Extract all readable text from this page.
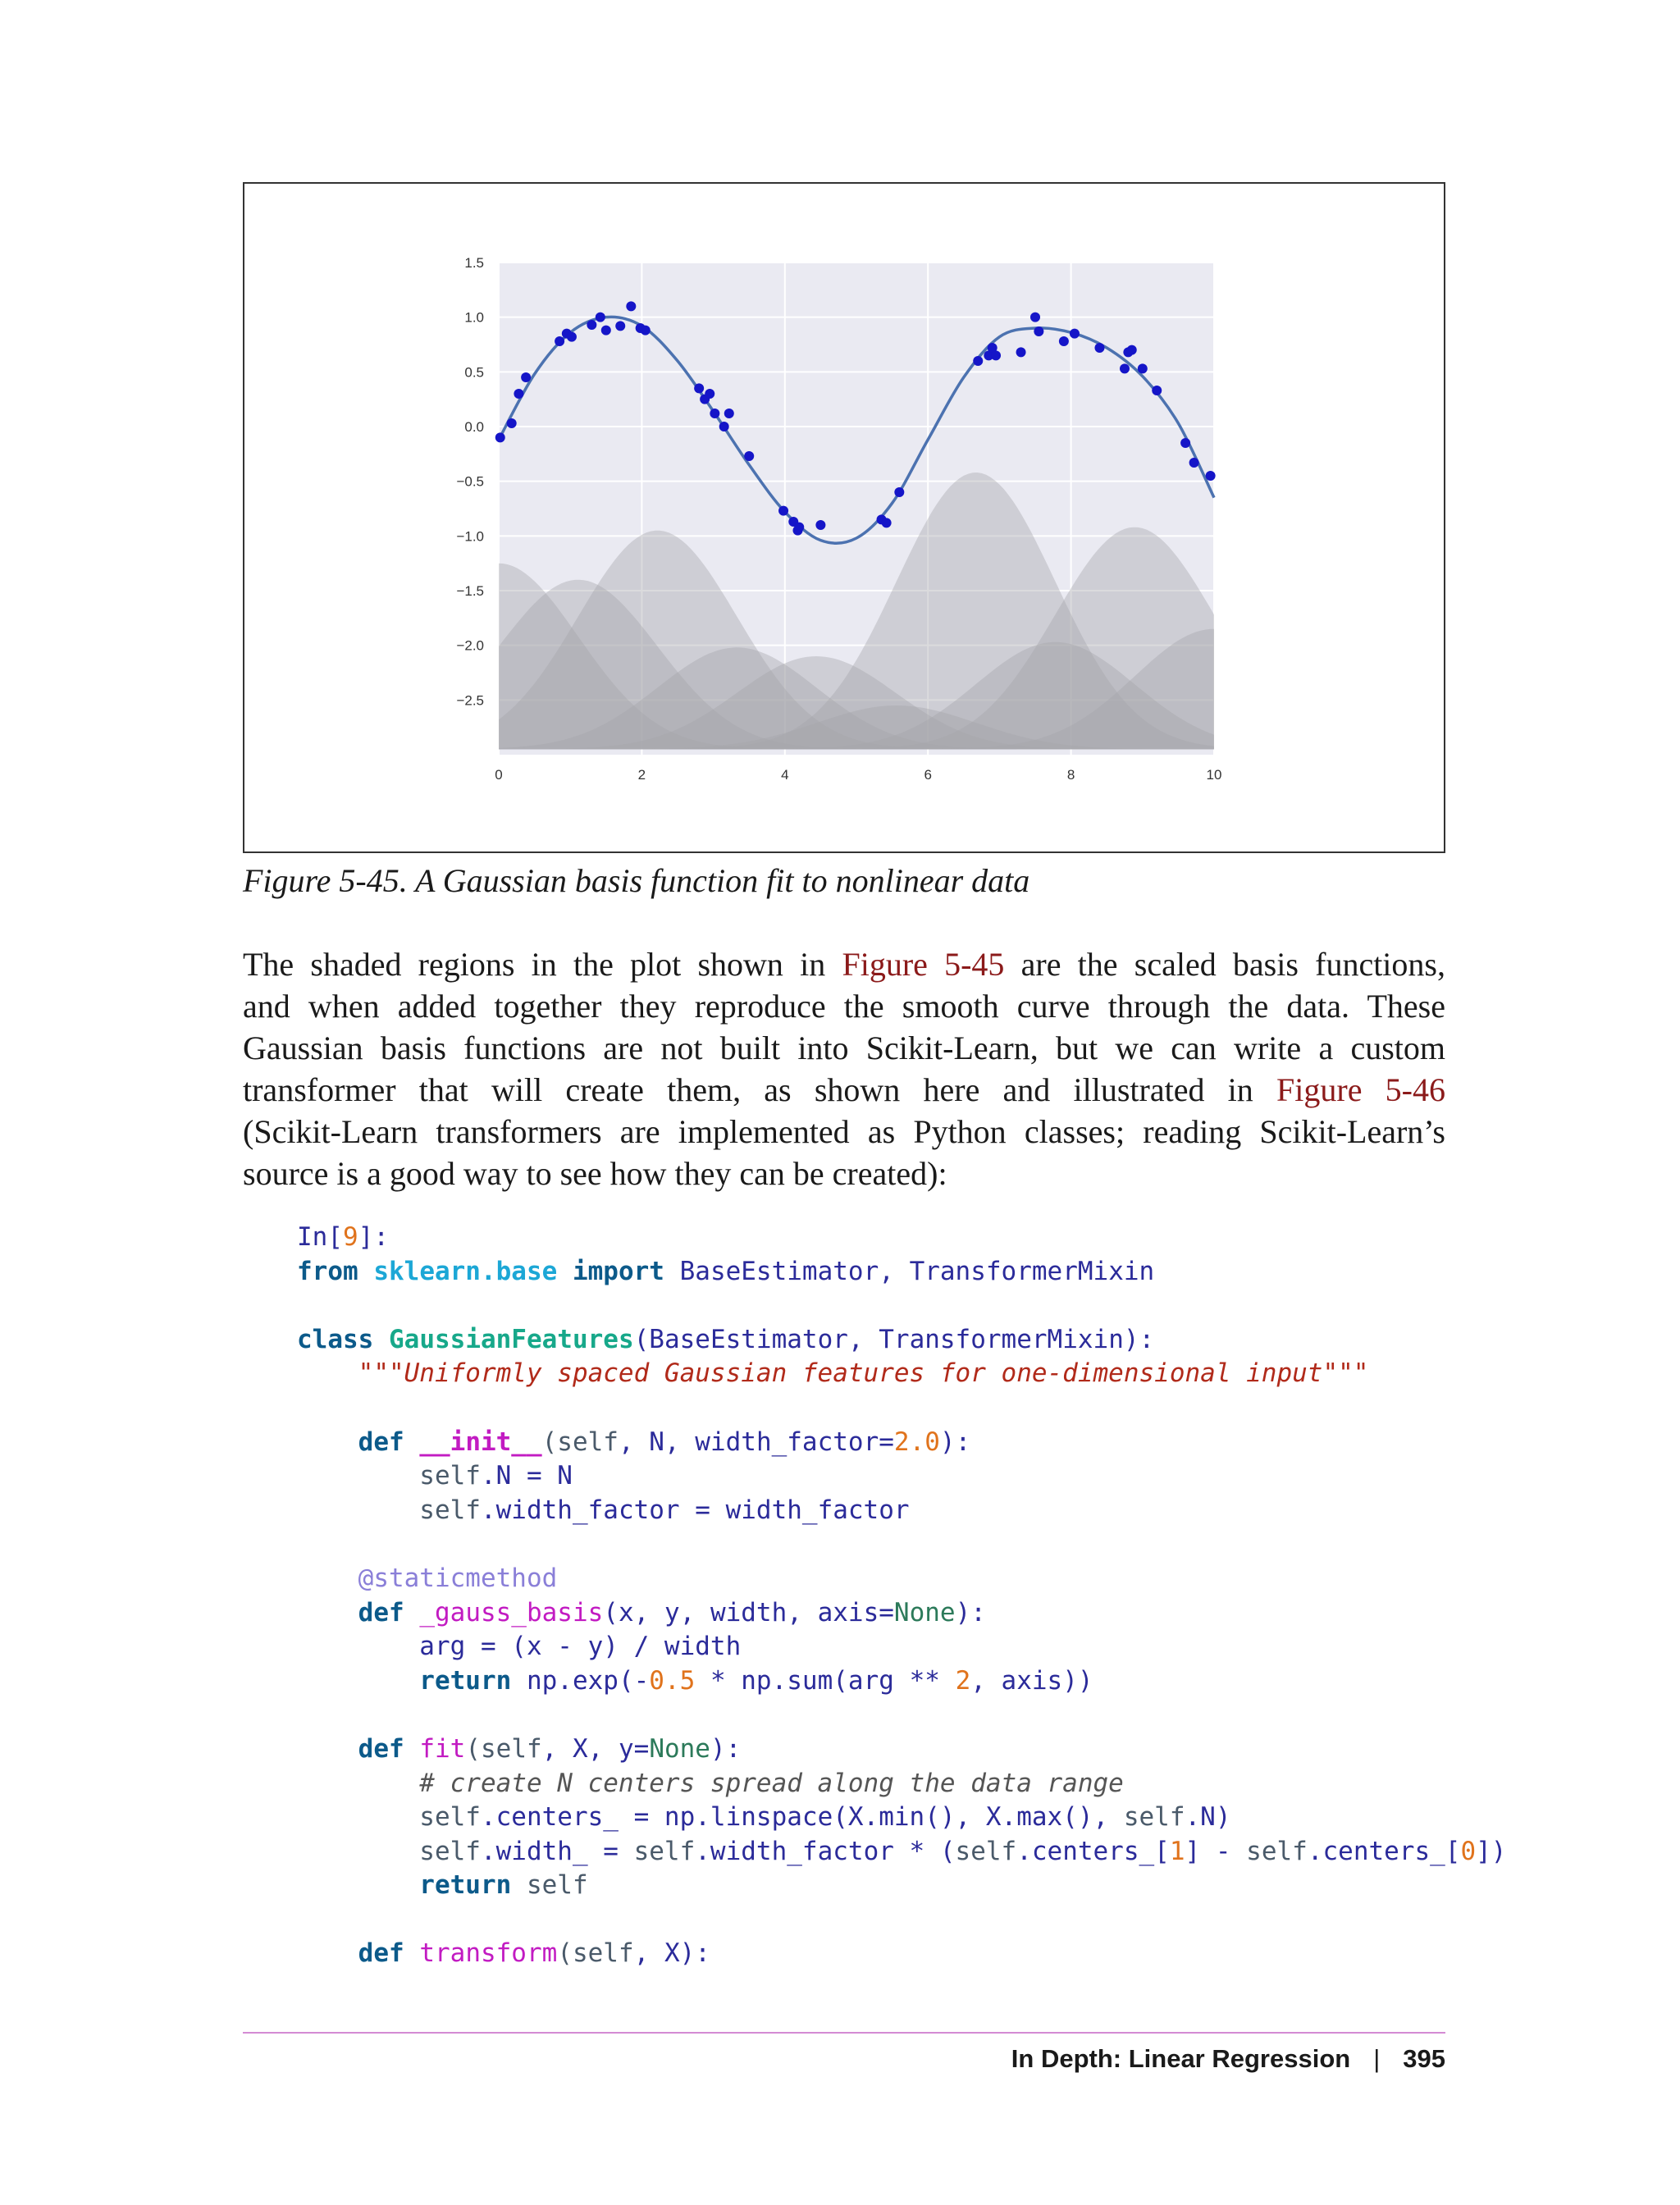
0	2	4	6	8	10
1.5
1.0
0.5
0.0
−0.5
−1.0
−1.5
−2.0
−2.5
Figure 5-45. A Gaussian basis function fit to nonlinear data
The shaded regions in the plot shown in Figure 5-45 are the scaled basis functions,
and when added together they reproduce the smooth curve through the data. These
Gaussian basis functions are not built into Scikit-Learn, but we can write a custom
transformer that will create them, as shown here and illustrated in Figure 5-46
(Scikit-Learn transformers are implemented as Python classes; reading Scikit-Learn’s
source is a good way to see how they can be created):
In[9]:
from sklearn.base import BaseEstimator, TransformerMixin
class GaussianFeatures(BaseEstimator, TransformerMixin):
"""Uniformly spaced Gaussian features for one-dimensional input"""
def __init__(self, N, width_factor=2.0):
self.N = N
self.width_factor = width_factor
@staticmethod
def _gauss_basis(x, y, width, axis=None):
arg = (x - y) / width
return np.exp(-0.5 * np.sum(arg ** 2, axis))
def fit(self, X, y=None):
# create N centers spread along the data range
self.centers_ = np.linspace(X.min(), X.max(), self.N)
self.width_ = self.width_factor * (self.centers_[1] - self.centers_[0])
return self
def transform(self, X):
In Depth: Linear Regression | 395
